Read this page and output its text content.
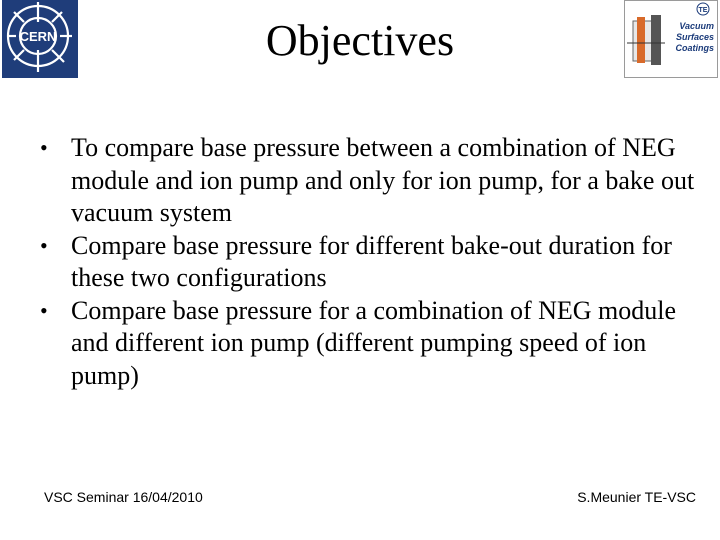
CERN	Objectives
TE
Vacuum
Surfaces
Coatings
• To compare base pressure between a combination of NEG module and ion pump and only for ion pump, for a bake out vacuum system
• Compare base pressure for different bake-out duration for these two configurations
• Compare base pressure for a combination of NEG module and different ion pump (different pumping speed of ion pump)
VSC Seminar 16/04/2010	S.Meunier TE-VSC
